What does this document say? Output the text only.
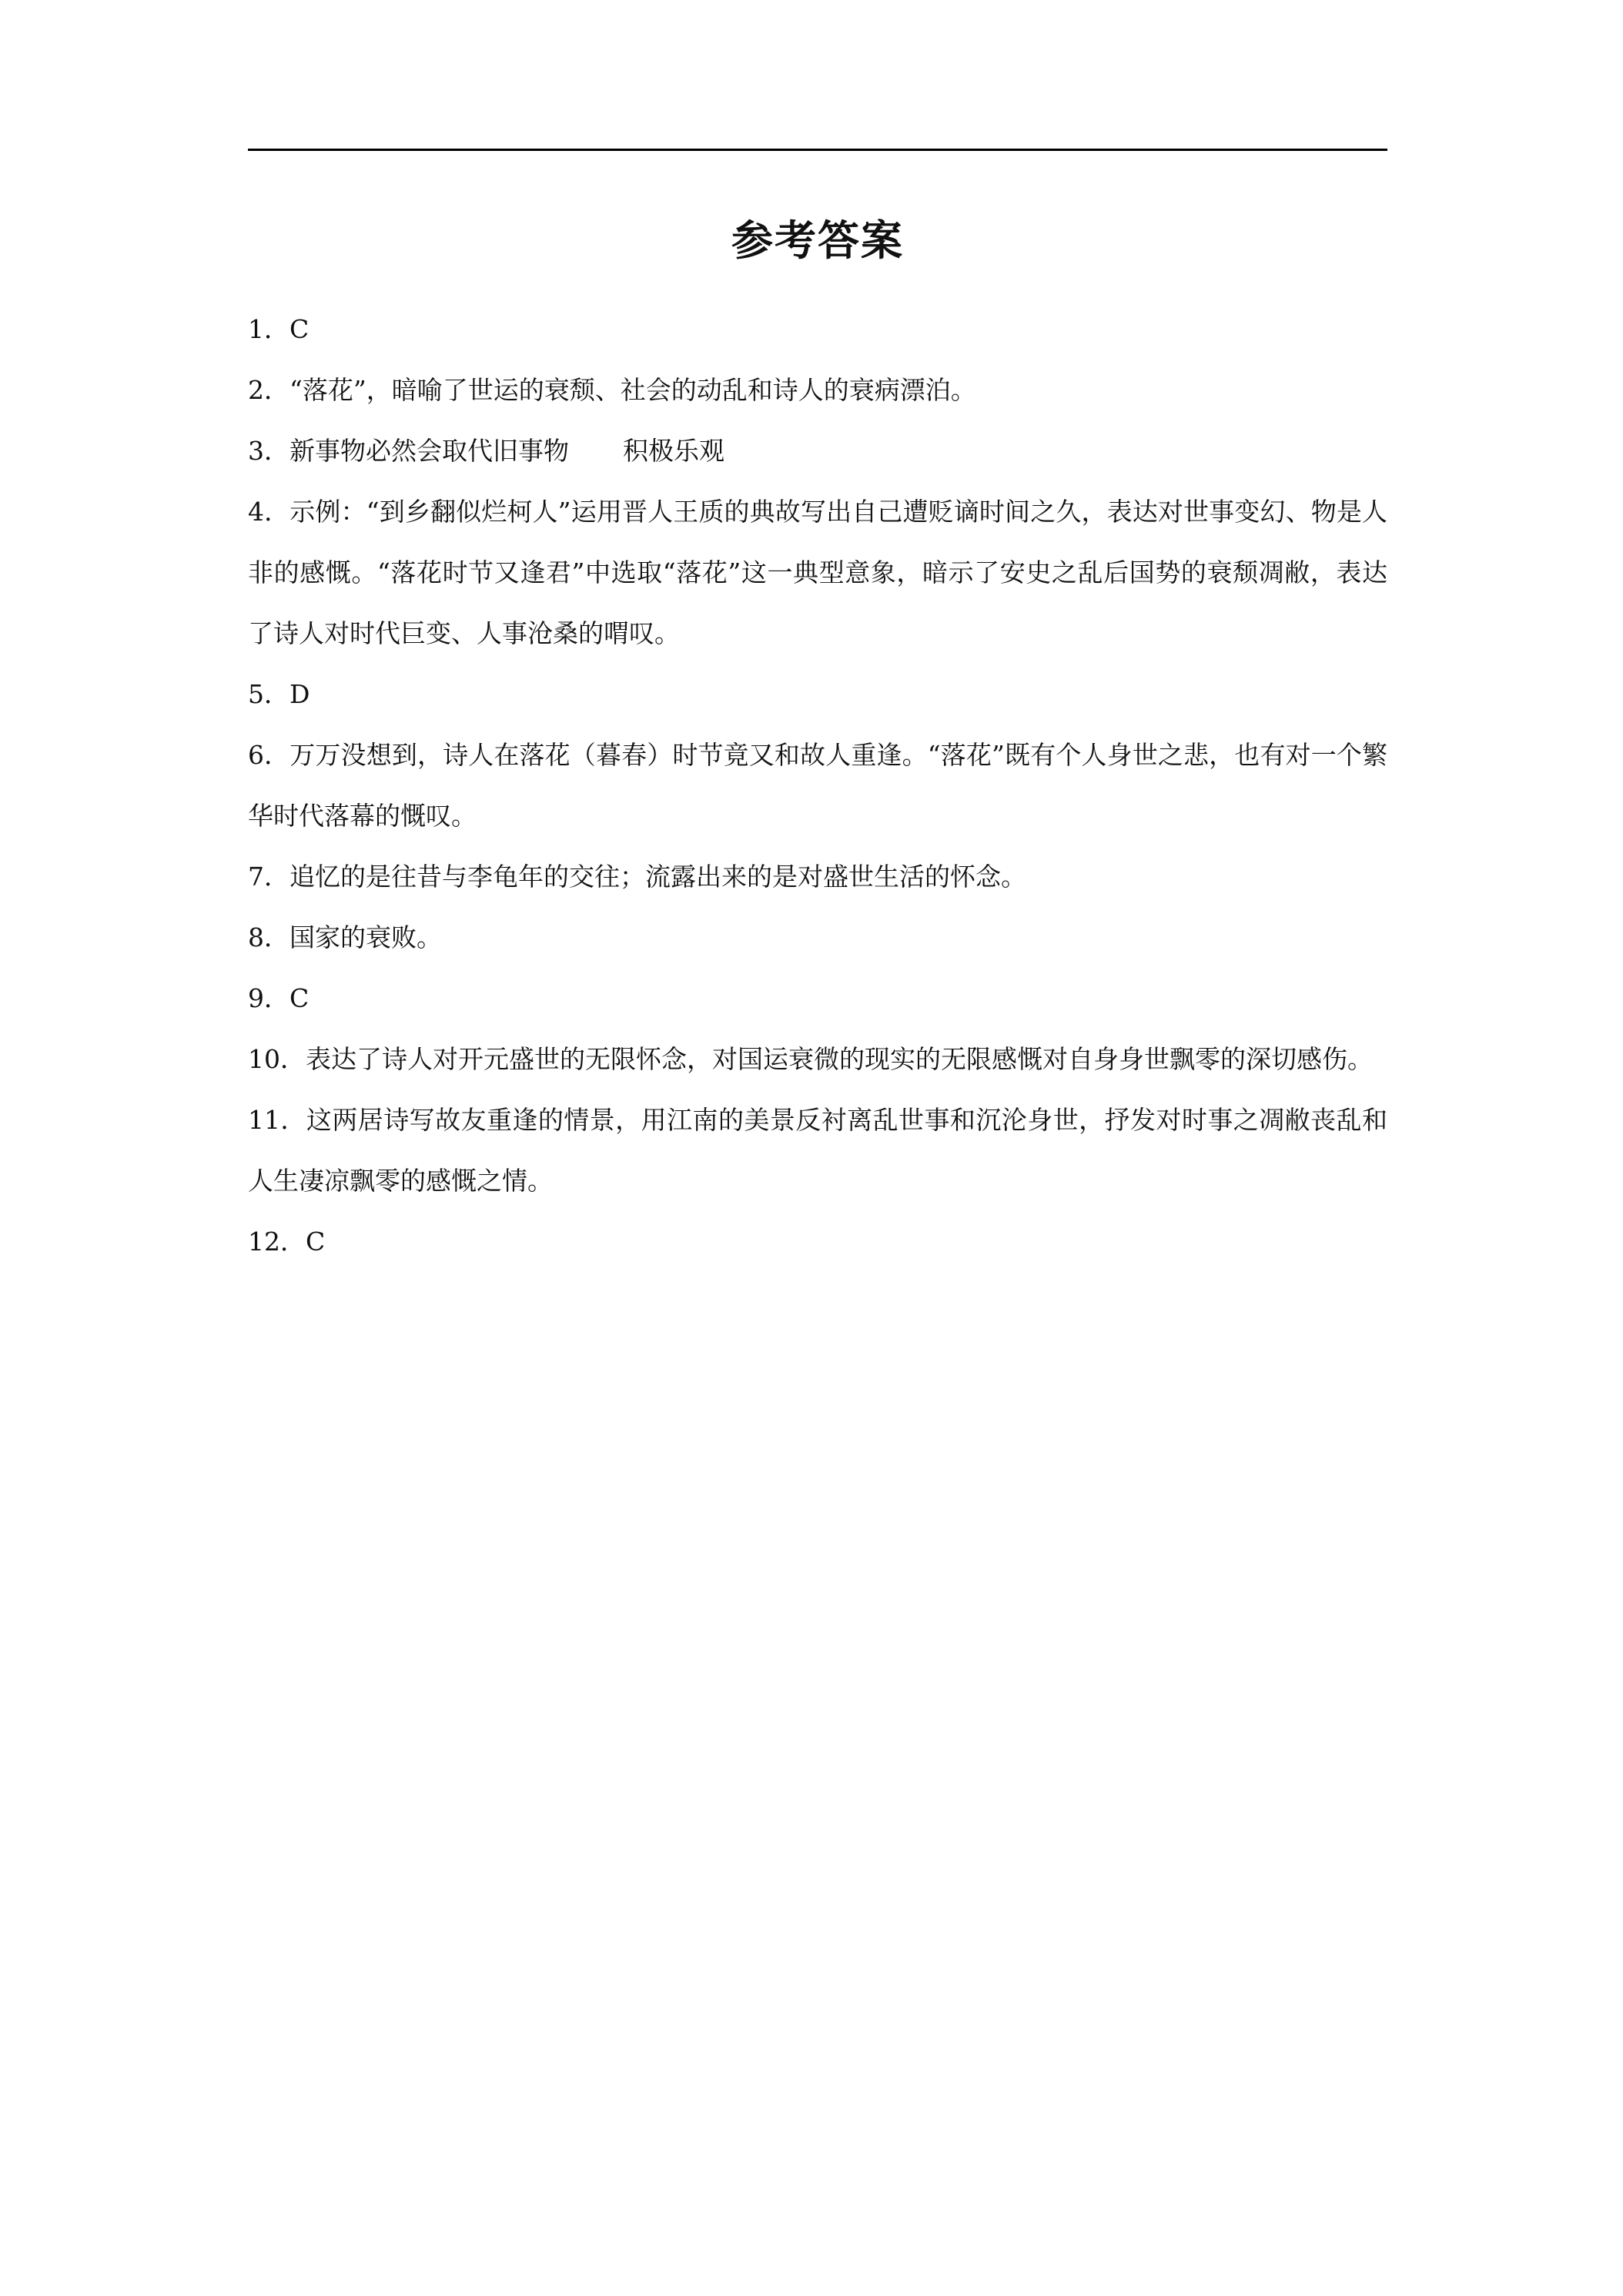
参考答案
1．C
2．“落花”，暗喻了世运的衰颓、社会的动乱和诗人的衰病漂泊。
3．新事物必然会取代旧事物 积极乐观
4．示例：“到乡翻似烂柯人”运用晋人王质的典故写出自己遭贬谪时间之久，表达对世事变幻、物是人非的感慨。“落花时节又逢君”中选取“落花”这一典型意象，暗示了安史之乱后国势的衰颓凋敝，表达了诗人对时代巨变、人事沧桑的喟叹。
5．D
6．万万没想到，诗人在落花（暮春）时节竟又和故人重逢。“落花”既有个人身世之悲，也有对一个繁华时代落幕的慨叹。
7．追忆的是往昔与李龟年的交往；流露出来的是对盛世生活的怀念。
8．国家的衰败。
9．C
10．表达了诗人对开元盛世的无限怀念，对国运衰微的现实的无限感慨对自身身世飘零的深切感伤。
11．这两居诗写故友重逢的情景，用江南的美景反衬离乱世事和沉沦身世，抒发对时事之凋敝丧乱和人生凄凉飘零的感慨之情。
12．C
